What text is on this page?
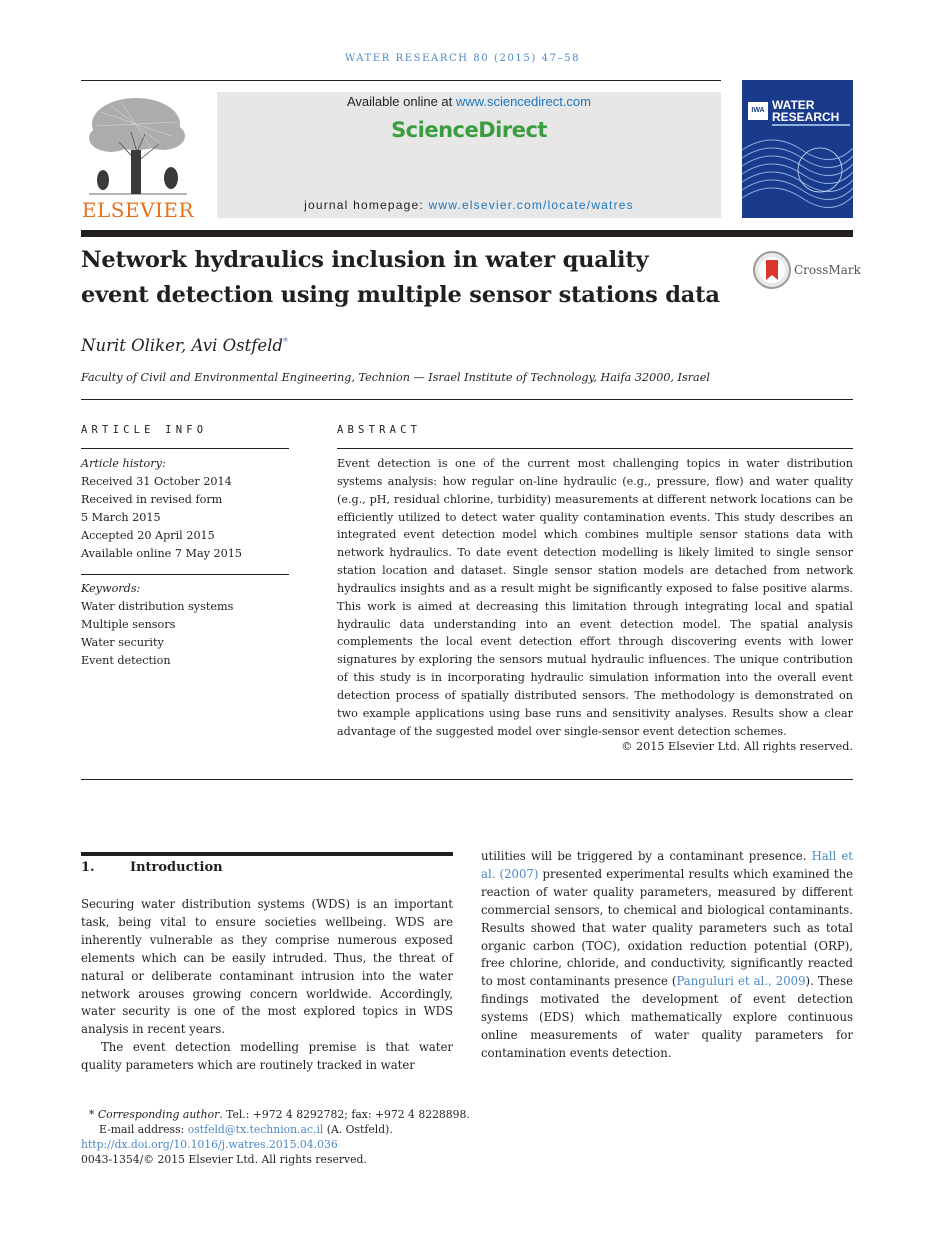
WATER RESEARCH 80 (2015) 47–58
ELSEVIER
Available online at www.sciencedirect.com
ScienceDirect
journal homepage: www.elsevier.com/locate/watres
IWA WATER
RESEARCH
Network hydraulics inclusion in water quality
event detection using multiple sensor stations data
CrossMark
Nurit Oliker, Avi Ostfeld*
Faculty of Civil and Environmental Engineering, Technion — Israel Institute of Technology, Haifa 32000, Israel
ARTICLE INFO
Article history:
Received 31 October 2014
Received in revised form
5 March 2015
Accepted 20 April 2015
Available online 7 May 2015
Keywords:
Water distribution systems
Multiple sensors
Water security
Event detection
ABSTRACT
Event detection is one of the current most challenging topics in water distribution systems analysis: how regular on-line hydraulic (e.g., pressure, flow) and water quality (e.g., pH, residual chlorine, turbidity) measurements at different network locations can be efficiently utilized to detect water quality contamination events. This study describes an integrated event detection model which combines multiple sensor stations data with network hydraulics. To date event detection modelling is likely limited to single sensor station location and dataset. Single sensor station models are detached from network hydraulics insights and as a result might be significantly exposed to false positive alarms. This work is aimed at decreasing this limitation through integrating local and spatial hydraulic data understanding into an event detection model. The spatial analysis complements the local event detection effort through discovering events with lower signatures by exploring the sensors mutual hydraulic influences. The unique contribution of this study is in incorporating hydraulic simulation information into the overall event detection process of spatially distributed sensors. The methodology is demonstrated on two example applications using base runs and sensitivity analyses. Results show a clear advantage of the suggested model over single-sensor event detection schemes.
© 2015 Elsevier Ltd. All rights reserved.
1.	Introduction

Securing water distribution systems (WDS) is an important task, being vital to ensure societies wellbeing. WDS are inherently vulnerable as they comprise numerous exposed elements which can be easily intruded. Thus, the threat of natural or deliberate contaminant intrusion into the water network arouses growing concern worldwide. Accordingly, water security is one of the most explored topics in WDS analysis in recent years.

The event detection modelling premise is that water quality parameters which are routinely tracked in water

utilities will be triggered by a contaminant presence. Hall et al. (2007) presented experimental results which examined the reaction of water quality parameters, measured by different commercial sensors, to chemical and biological contaminants. Results showed that water quality parameters such as total organic carbon (TOC), oxidation reduction potential (ORP), free chlorine, chloride, and conductivity, significantly reacted to most contaminants presence (Panguluri et al., 2009). These findings motivated the development of event detection systems (EDS) which mathematically explore continuous online measurements of water quality parameters for contamination events detection.

* Corresponding author. Tel.: +972 4 8292782; fax: +972 4 8228898.
E-mail address: ostfeld@tx.technion.ac.il (A. Ostfeld).
http://dx.doi.org/10.1016/j.watres.2015.04.036
0043-1354/© 2015 Elsevier Ltd. All rights reserved.
